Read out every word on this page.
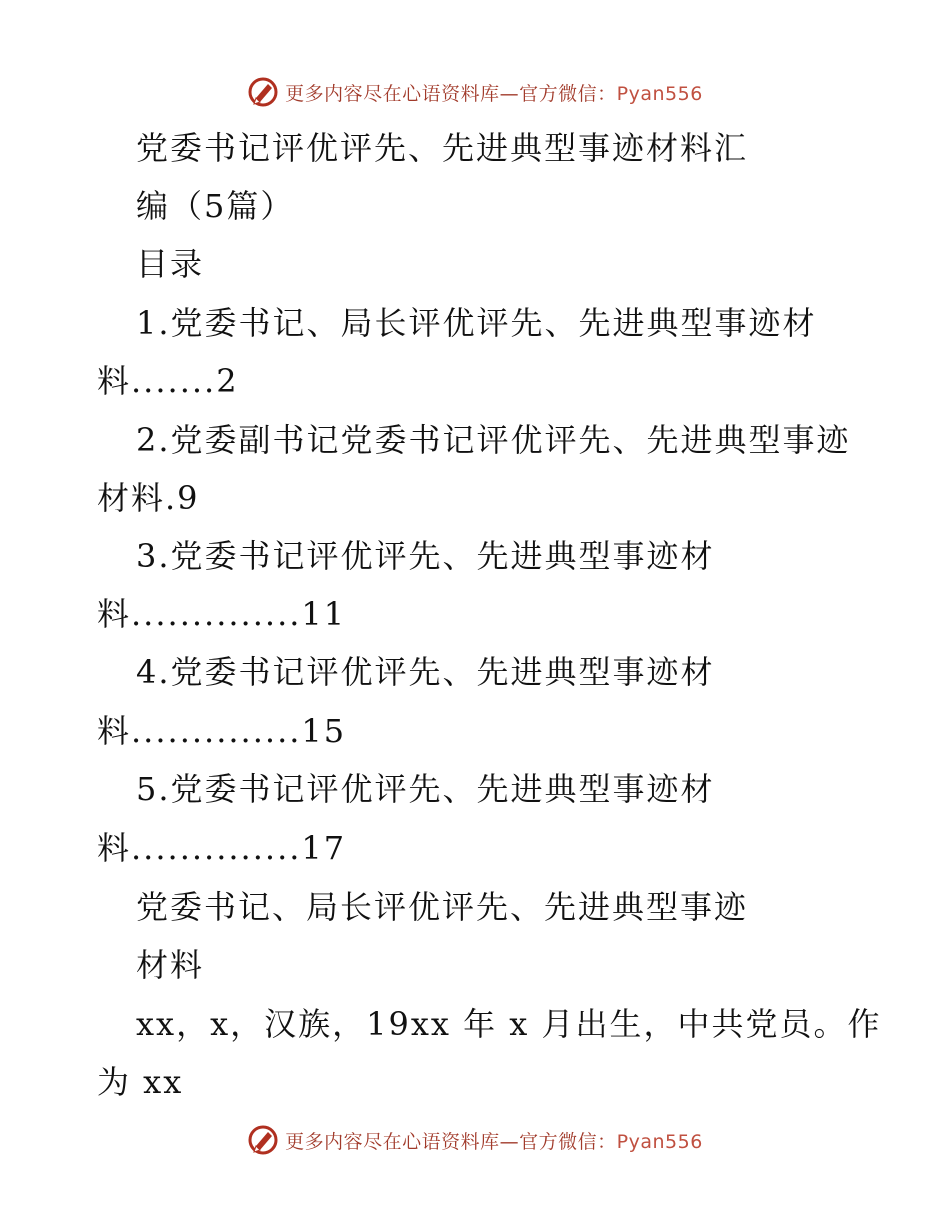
更多内容尽在心语资料库—官方微信：Pyan556
党委书记评优评先、先进典型事迹材料汇
编（5篇）
目录
1.党委书记、局长评优评先、先进典型事迹材
料.......2
2.党委副书记党委书记评优评先、先进典型事迹
材料.9
3.党委书记评优评先、先进典型事迹材
料..............11
4.党委书记评优评先、先进典型事迹材
料..............15
5.党委书记评优评先、先进典型事迹材
料..............17
党委书记、局长评优评先、先进典型事迹
材料
xx，x，汉族，19xx 年 x 月出生，中共党员。作
为 xx
更多内容尽在心语资料库—官方微信：Pyan556
